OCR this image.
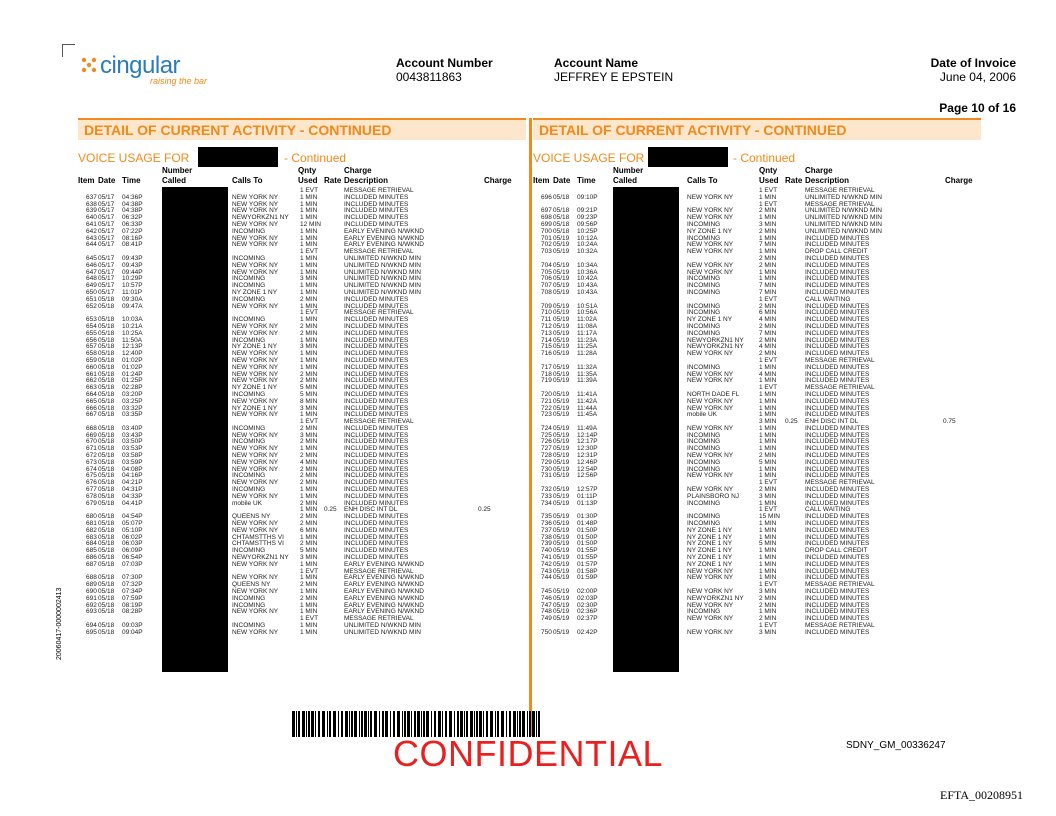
cingular
raising the bar
Account Number
0043811863
Account Name
JEFFREY E EPSTEIN
Date of Invoice
June 04, 2006
Page 10 of 16
DETAIL OF CURRENT ACTIVITY - CONTINUED
VOICE USAGE FOR	- Continued
Item Date Time
Number
Called	Calls To
Qnty
Used Rate
Charge
Description	Charge
1 EVT	MESSAGE RETRIEVAL
637 05/17 04:36P	NEW YORK NY	1 MIN	INCLUDED MINUTES
638 05/17 04:38P	NEW YORK NY	1 MIN	INCLUDED MINUTES
639 05/17 04:38P	NEW YORK NY	1 MIN	INCLUDED MINUTES
640 05/17 06:32P	NEWYORKZN1 NY 1 MIN	INCLUDED MINUTES
641 05/17 06:33P	NEW YORK NY	12 MIN	INCLUDED MINUTES
642 05/17 07:22P	INCOMING	1 MIN	EARLY EVENING N/WKND
643 05/17 08:16P	NEW YORK NY	1 MIN	EARLY EVENING N/WKND
644 05/17 08:41P	NEW YORK NY	1 MIN	EARLY EVENING N/WKND
1 EVT	MESSAGE RETRIEVAL
645 05/17 09:43P	INCOMING	1 MIN	UNLIMITED N/WKND MIN
646 05/17 09:43P	NEW YORK NY	1 MIN	UNLIMITED N/WKND MIN
647 05/17 09:44P	NEW YORK NY	1 MIN	UNLIMITED N/WKND MIN
648 05/17 10:29P	INCOMING	3 MIN	UNLIMITED N/WKND MIN
649 05/17 10:57P	INCOMING	1 MIN	UNLIMITED N/WKND MIN
650 05/17 11:01P	NY ZONE 1 NY	1 MIN	UNLIMITED N/WKND MIN
651 05/18 09:30A	INCOMING	2 MIN	INCLUDED MINUTES
652 05/18 09:47A	NEW YORK NY	1 MIN	INCLUDED MINUTES
1 EVT	MESSAGE RETRIEVAL
653 05/18 10:03A	INCOMING	1 MIN	INCLUDED MINUTES
654 05/18 10:21A	NEW YORK NY	2 MIN	INCLUDED MINUTES
655 05/18 10:25A	NEW YORK NY	2 MIN	INCLUDED MINUTES
656 05/18 11:50A	INCOMING	1 MIN	INCLUDED MINUTES
657 05/18 12:13P	NY ZONE 1 NY	3 MIN	INCLUDED MINUTES
658 05/18 12:40P	NEW YORK NY	1 MIN	INCLUDED MINUTES
659 05/18 01:02P	NEW YORK NY	1 MIN	INCLUDED MINUTES
660 05/18 01:02P	NEW YORK NY	1 MIN	INCLUDED MINUTES
661 05/18 01:24P	NEW YORK NY	2 MIN	INCLUDED MINUTES
662 05/18 01:25P	NEW YORK NY	2 MIN	INCLUDED MINUTES
663 05/18 02:28P	NY ZONE 1 NY	5 MIN	INCLUDED MINUTES
664 05/18 03:20P	INCOMING	5 MIN	INCLUDED MINUTES
665 05/18 03:25P	NEW YORK NY	8 MIN	INCLUDED MINUTES
666 05/18 03:32P	NY ZONE 1 NY	3 MIN	INCLUDED MINUTES
667 05/18 03:35P	NEW YORK NY	1 MIN	INCLUDED MINUTES
1 EVT	MESSAGE RETRIEVAL
668 05/18 03:40P	INCOMING	2 MIN	INCLUDED MINUTES
669 05/18 03:43P	NEW YORK NY	3 MIN	INCLUDED MINUTES
670 05/18 03:50P	INCOMING	2 MIN	INCLUDED MINUTES
671 05/18 03:53P	NEW YORK NY	1 MIN	INCLUDED MINUTES
672 05/18 03:58P	NEW YORK NY	2 MIN	INCLUDED MINUTES
673 05/18 03:59P	NEW YORK NY	4 MIN	INCLUDED MINUTES
674 05/18 04:08P	NEW YORK NY	2 MIN	INCLUDED MINUTES
675 05/18 04:16P	INCOMING	2 MIN	INCLUDED MINUTES
676 05/18 04:21P	NEW YORK NY	2 MIN	INCLUDED MINUTES
677 05/18 04:31P	INCOMING	1 MIN	INCLUDED MINUTES
678 05/18 04:33P	NEW YORK NY	1 MIN	INCLUDED MINUTES
679 05/18 04:41P	mobile UK	2 MIN	INCLUDED MINUTES
1 MIN 0.25 ENH DISC INT DL	0.25
680 05/18 04:54P	QUEENS NY	2 MIN	INCLUDED MINUTES
681 05/18 05:07P	NEW YORK NY	2 MIN	INCLUDED MINUTES
682 05/18 05:10P	NEW YORK NY	6 MIN	INCLUDED MINUTES
683 05/18 06:02P	CHTAMSTTHS VI 1 MIN	INCLUDED MINUTES
684 05/18 06:03P	CHTAMSTTHS VI 2 MIN	INCLUDED MINUTES
685 05/18 06:09P	INCOMING	5 MIN	INCLUDED MINUTES
686 05/18 06:54P	NEWYORKZN1 NY 3 MIN	INCLUDED MINUTES
687 05/18 07:03P	NEW YORK NY	1 MIN	EARLY EVENING N/WKND
1 EVT	MESSAGE RETRIEVAL
688 05/18 07:30P	NEW YORK NY	1 MIN	EARLY EVENING N/WKND
689 05/18 07:32P	QUEENS NY	2 MIN	EARLY EVENING N/WKND
690 05/18 07:34P	NEW YORK NY	1 MIN	EARLY EVENING N/WKND
691 05/18 07:59P	INCOMING	2 MIN	EARLY EVENING N/WKND
692 05/18 08:19P	INCOMING	1 MIN	EARLY EVENING N/WKND
693 05/18 08:28P	NEW YORK NY	1 MIN	EARLY EVENING N/WKND
1 EVT	MESSAGE RETRIEVAL
694 05/18 09:03P	INCOMING	1 MIN	UNLIMITED N/WKND MIN
695 05/18 09:04P	NEW YORK NY	1 MIN	UNLIMITED N/WKND MIN
DETAIL OF CURRENT ACTIVITY - CONTINUED
VOICE USAGE FOR	- Continued
Item Date Time
Number
Called	Calls To
Qnty
Used Rate
Charge
Description	Charge
1 EVT	MESSAGE RETRIEVAL
696 05/18 09:10P	NEW YORK NY	1 MIN	UNLIMITED N/WKND MIN
1 EVT	MESSAGE RETRIEVAL
697 05/18 09:21P	NEW YORK NY	2 MIN	UNLIMITED N/WKND MIN
698 05/18 09:23P	NEW YORK NY	1 MIN	UNLIMITED N/WKND MIN
699 05/18 09:56P	INCOMING	3 MIN	UNLIMITED N/WKND MIN
700 05/18 10:25P	NY ZONE 1 NY	2 MIN	UNLIMITED N/WKND MIN
701 05/19 10:12A	INCOMING	1 MIN	INCLUDED MINUTES
702 05/19 10:24A	NEW YORK NY	7 MIN	INCLUDED MINUTES
703 05/19 10:32A	NEW YORK NY	1 MIN	DROP CALL CREDIT
2 MIN	INCLUDED MINUTES
704 05/19 10:34A	NEW YORK NY	2 MIN	INCLUDED MINUTES
705 05/19 10:36A	NEW YORK NY	1 MIN	INCLUDED MINUTES
706 05/19 10:42A	INCOMING	1 MIN	INCLUDED MINUTES
707 05/19 10:43A	INCOMING	7 MIN	INCLUDED MINUTES
708 05/19 10:43A	INCOMING	7 MIN	INCLUDED MINUTES
1 EVT	CALL WAITING
709 05/19 10:51A	INCOMING	2 MIN	INCLUDED MINUTES
710 05/19 10:56A	INCOMING	6 MIN	INCLUDED MINUTES
711 05/19 11:02A	NY ZONE 1 NY	4 MIN	INCLUDED MINUTES
712 05/19 11:08A	INCOMING	2 MIN	INCLUDED MINUTES
713 05/19 11:17A	INCOMING	7 MIN	INCLUDED MINUTES
714 05/19 11:23A	NEWYORKZN1 NY 2 MIN	INCLUDED MINUTES
715 05/19 11:25A	NEWYORKZN1 NY 4 MIN	INCLUDED MINUTES
716 05/19 11:28A	NEW YORK NY	2 MIN	INCLUDED MINUTES
1 EVT	MESSAGE RETRIEVAL
717 05/19 11:32A	INCOMING	1 MIN	INCLUDED MINUTES
718 05/19 11:35A	NEW YORK NY	4 MIN	INCLUDED MINUTES
719 05/19 11:39A	NEW YORK NY	1 MIN	INCLUDED MINUTES
1 EVT	MESSAGE RETRIEVAL
720 05/19 11:41A	NORTH DADE FL	1 MIN	INCLUDED MINUTES
721 05/19 11:42A	NEW YORK NY	1 MIN	INCLUDED MINUTES
722 05/19 11:44A	NEW YORK NY	1 MIN	INCLUDED MINUTES
723 05/19 11:45A	mobile UK	1 MIN	INCLUDED MINUTES
3 MIN 0.25 ENH DISC INT DL	0.75
724 05/19 11:49A	NEW YORK NY	1 MIN	INCLUDED MINUTES
725 05/19 12:14P	INCOMING	1 MIN	INCLUDED MINUTES
726 05/19 12:17P	INCOMING	1 MIN	INCLUDED MINUTES
727 05/19 12:30P	INCOMING	1 MIN	INCLUDED MINUTES
728 05/19 12:31P	NEW YORK NY	2 MIN	INCLUDED MINUTES
729 05/19 12:46P	INCOMING	5 MIN	INCLUDED MINUTES
730 05/19 12:54P	INCOMING	1 MIN	INCLUDED MINUTES
731 05/19 12:56P	NEW YORK NY	1 MIN	INCLUDED MINUTES
1 EVT	MESSAGE RETRIEVAL
732 05/19 12:57P	NEW YORK NY	2 MIN	INCLUDED MINUTES
733 05/19 01:11P	PLAINSBORO NJ	3 MIN	INCLUDED MINUTES
734 05/19 01:13P	INCOMING	1 MIN	INCLUDED MINUTES
1 EVT	CALL WAITING
735 05/19 01:30P	INCOMING	15 MIN	INCLUDED MINUTES
736 05/19 01:48P	INCOMING	1 MIN	INCLUDED MINUTES
737 05/19 01:50P	NY ZONE 1 NY	1 MIN	INCLUDED MINUTES
738 05/19 01:50P	NY ZONE 1 NY	1 MIN	INCLUDED MINUTES
739 05/19 01:50P	NY ZONE 1 NY	5 MIN	INCLUDED MINUTES
740 05/19 01:55P	NY ZONE 1 NY	1 MIN	DROP CALL CREDIT
741 05/19 01:55P	NY ZONE 1 NY	1 MIN	INCLUDED MINUTES
742 05/19 01:57P	NY ZONE 1 NY	1 MIN	INCLUDED MINUTES
743 05/19 01:58P	NEW YORK NY	1 MIN	INCLUDED MINUTES
744 05/19 01:59P	NEW YORK NY	1 MIN	INCLUDED MINUTES
1 EVT	MESSAGE RETRIEVAL
745 05/19 02:00P	NEW YORK NY	3 MIN	INCLUDED MINUTES
746 05/19 02:03P	NEWYORKZN1 NY 2 MIN	INCLUDED MINUTES
747 05/19 02:30P	NEW YORK NY	2 MIN	INCLUDED MINUTES
748 05/19 02:36P	INCOMING	1 MIN	INCLUDED MINUTES
749 05/19 02:37P	NEW YORK NY	2 MIN	INCLUDED MINUTES
1 EVT	MESSAGE RETRIEVAL
750 05/19 02:42P	NEW YORK NY	3 MIN	INCLUDED MINUTES
CONFIDENTIAL	SDNY_GM_00336247
EFTA_00208951
20060417-0000002413
